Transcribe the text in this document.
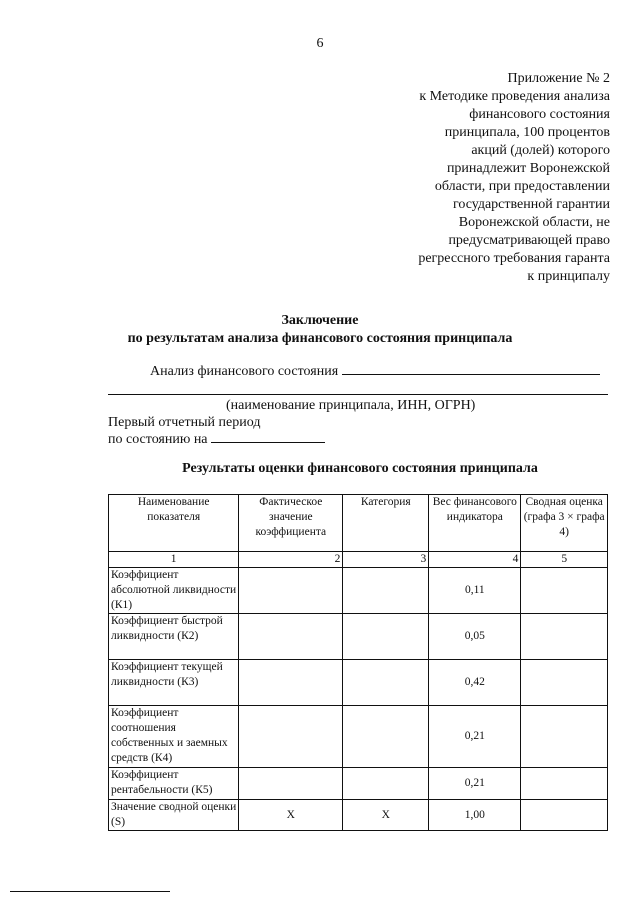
6
Приложение № 2
к Методике проведения анализа
финансового состояния
принципала, 100 процентов
акций (долей) которого
принадлежит Воронежской
области, при предоставлении
государственной гарантии
Воронежской области, не
предусматривающей право
регрессного требования гаранта
к принципалу
Заключение
по результатам анализа финансового состояния принципала
Анализ финансового состояния
(наименование принципала, ИНН, ОГРН)
Первый отчетный период
по состоянию на
Результаты оценки финансового состояния принципала
Наименование показателя	Фактическое значение коэффициента	Категория	Вес финансового индикатора	Сводная оценка (графа 3 × графа 4)
1	2	3	4	5
Коэффициент абсолютной ликвидности (К1)			0,11	
Коэффициент быстрой ликвидности (К2)			0,05	
Коэффициент текущей ликвидности (К3)			0,42	
Коэффициент соотношения собственных и заемных средств (К4)			0,21	
Коэффициент рентабельности (К5)			0,21	
Значение сводной оценки (S)	Х	Х	1,00	
